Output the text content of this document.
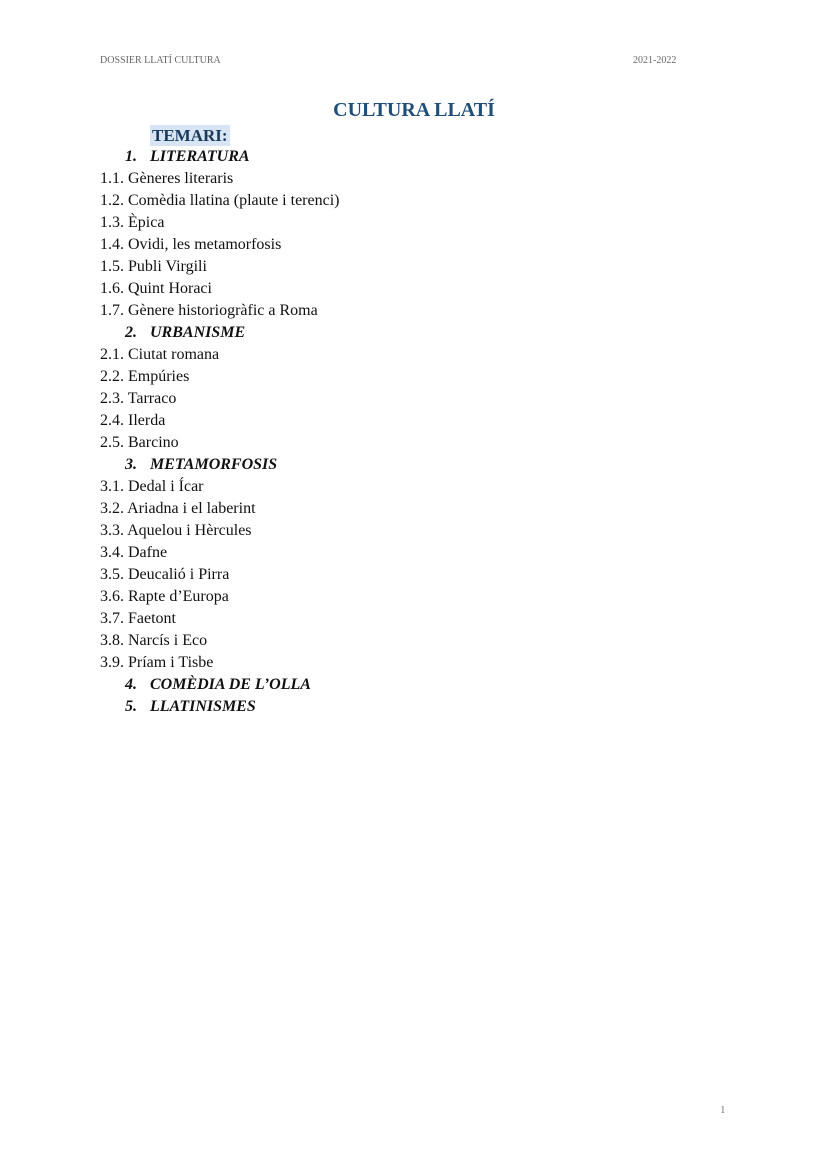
DOSSIER LLATÍ CULTURA	2021-2022
CULTURA LLATÍ
TEMARI:
1. LITERATURA
1.1. Gèneres literaris
1.2. Comèdia llatina (plaute i terenci)
1.3. Èpica
1.4. Ovidi, les metamorfosis
1.5. Publi Virgili
1.6. Quint Horaci
1.7. Gènere historiogràfic a Roma
2. URBANISME
2.1. Ciutat romana
2.2. Empúries
2.3. Tarraco
2.4. Ilerda
2.5. Barcino
3. METAMORFOSIS
3.1. Dedal i Ícar
3.2. Ariadna i el laberint
3.3. Aquelou i Hèrcules
3.4. Dafne
3.5. Deucalió i Pirra
3.6. Rapte d’Europa
3.7. Faetont
3.8. Narcís i Eco
3.9. Príam i Tisbe
4. COMÈDIA DE L’OLLA
5. LLATINISMES
1
